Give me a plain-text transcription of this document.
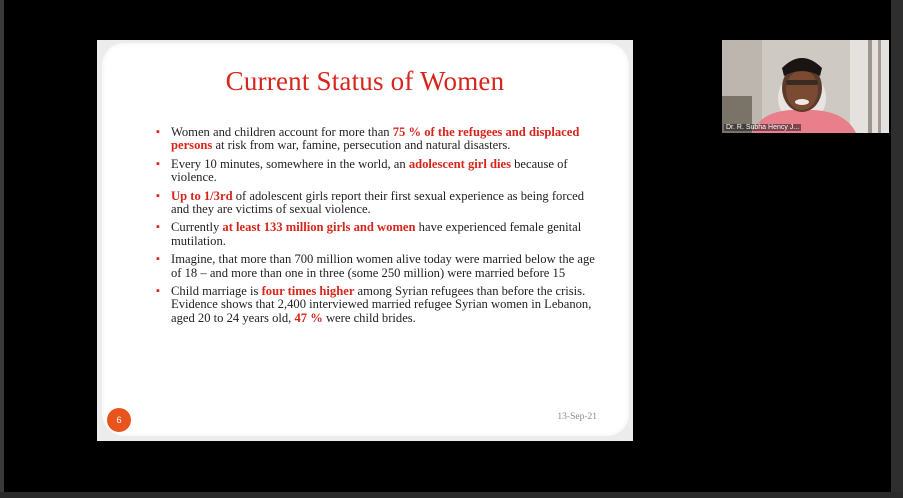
Current Status of Women
▪ Women and children account for more than 75 % of the refugees and displaced persons at risk from war, famine, persecution and natural disasters.
▪ Every 10 minutes, somewhere in the world, an adolescent girl dies because of violence.
▪ Up to 1/3rd of adolescent girls report their first sexual experience as being forced and they are victims of sexual violence.
▪ Currently at least 133 million girls and women have experienced female genital mutilation.
▪ Imagine, that more than 700 million women alive today were married below the age of 18 – and more than one in three (some 250 million) were married before 15
▪ Child marriage is four times higher among Syrian refugees than before the crisis. Evidence shows that 2,400 interviewed married refugee Syrian women in Lebanon, aged 20 to 24 years old, 47 % were child brides.
6	13-Sep-21
Dr. R. Subha Hency J...
